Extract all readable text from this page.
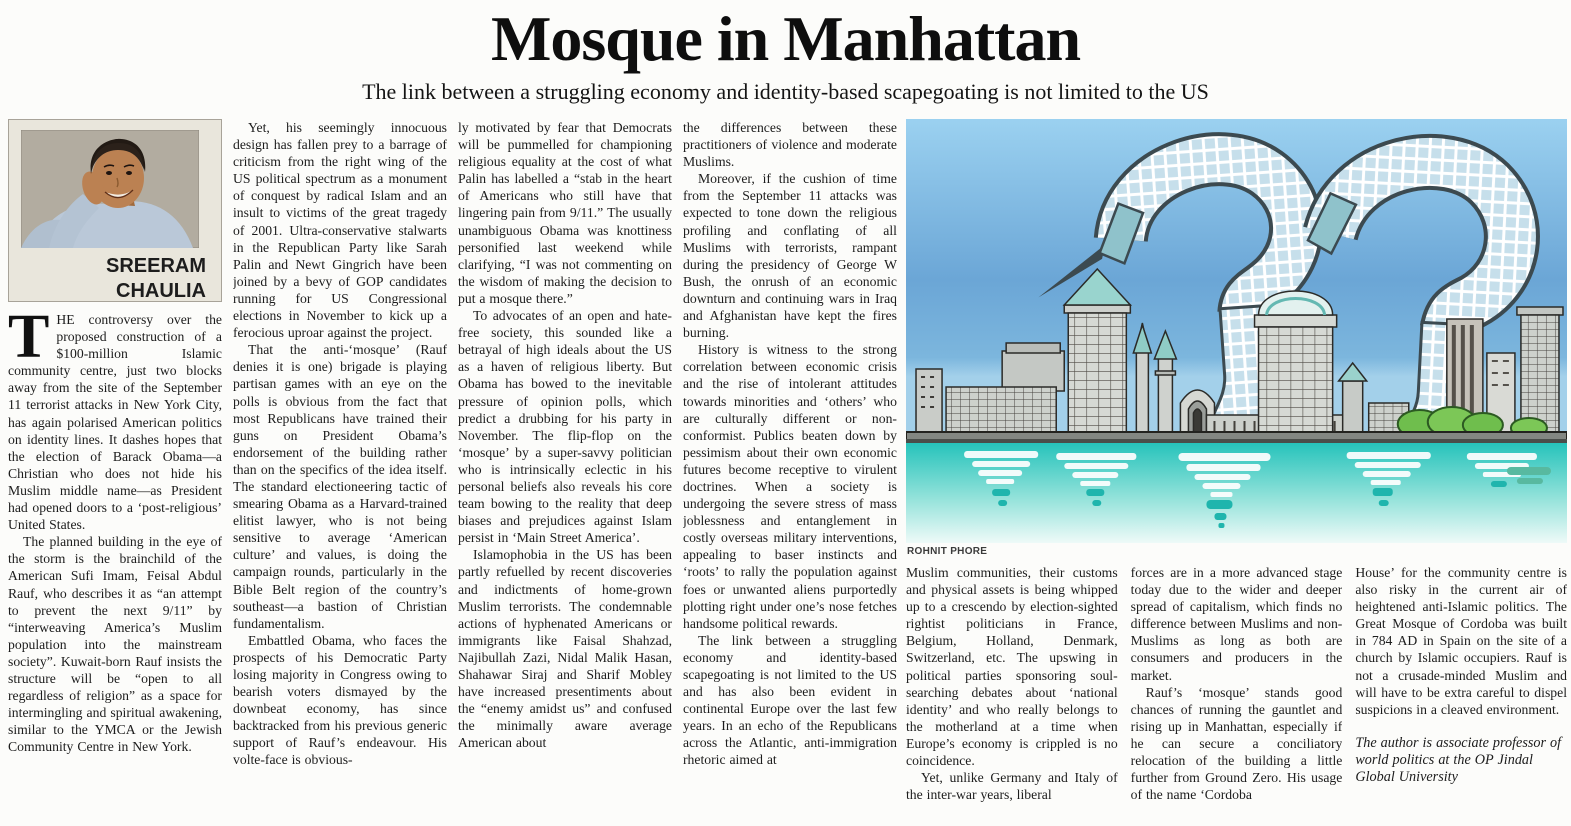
Mosque in Manhattan
The link between a struggling economy and identity-based scapegoating is not limited to the US
SREERAM
CHAULIA

THE controversy over the proposed construction of a $100-million Islamic community centre, just two blocks away from the site of the September 11 terrorist attacks in New York City, has again polarised American politics on identity lines. It dashes hopes that the election of Barack Obama—a Christian who does not hide his Muslim middle name—as President had opened doors to a ‘post-religious’ United States.

The planned building in the eye of the storm is the brainchild of the American Sufi Imam, Feisal Abdul Rauf, who describes it as “an attempt to prevent the next 9/11” by “interweaving America’s Muslim population into the mainstream society”. Kuwait-born Rauf insists the structure will be “open to all regardless of religion” as a space for intermingling and spiritual awakening, similar to the YMCA or the Jewish Community Centre in New York.

Yet, his seemingly innocuous design has fallen prey to a barrage of criticism from the right wing of the US political spectrum as a monument of conquest by radical Islam and an insult to victims of the great tragedy of 2001. Ultra-conservative stalwarts in the Republican Party like Sarah Palin and Newt Gingrich have been joined by a bevy of GOP candidates running for US Congressional elections in November to kick up a ferocious uproar against the project.

That the anti-‘mosque’ (Rauf denies it is one) brigade is playing partisan games with an eye on the polls is obvious from the fact that most Republicans have trained their guns on President Obama’s endorsement of the building rather than on the specifics of the idea itself. The standard electioneering tactic of smearing Obama as a Harvard-trained elitist lawyer, who is not being sensitive to average ‘American culture’ and values, is doing the campaign rounds, particularly in the Bible Belt region of the country’s southeast—a bastion of Christian fundamentalism.

Embattled Obama, who faces the prospects of his Democratic Party losing majority in Congress owing to bearish voters dismayed by the downbeat economy, has since backtracked from his previous generic support of Rauf’s endeavour. His volte-face is obvious-

ly motivated by fear that Democrats will be pummelled for championing religious equality at the cost of what Palin has labelled a “stab in the heart of Americans who still have that lingering pain from 9/11.” The usually unambiguous Obama was knottiness personified last weekend while clarifying, “I was not commenting on the wisdom of making the decision to put a mosque there.”

To advocates of an open and hate-free society, this sounded like a betrayal of high ideals about the US as a haven of religious liberty. But Obama has bowed to the inevitable pressure of opinion polls, which predict a drubbing for his party in November. The flip-flop on the ‘mosque’ by a super-savvy politician who is intrinsically eclectic in his personal beliefs also reveals his core team bowing to the reality that deep biases and prejudices against Islam persist in ‘Main Street America’.

Islamophobia in the US has been partly refuelled by recent discoveries and indictments of home-grown Muslim terrorists. The condemnable actions of hyphenated Americans or immigrants like Faisal Shahzad, Najibullah Zazi, Nidal Malik Hasan, Shahawar Siraj and Sharif Mobley have increased presentiments about the “enemy amidst us” and confused the minimally aware average American about

the differences between these practitioners of violence and moderate Muslims.

Moreover, if the cushion of time from the September 11 attacks was expected to tone down the religious profiling and conflating of all Muslims with terrorists, rampant during the presidency of George W Bush, the onrush of an economic downturn and continuing wars in Iraq and Afghanistan have kept the fires burning.

History is witness to the strong correlation between economic crisis and the rise of intolerant attitudes towards minorities and ‘others’ who are culturally different or non-conformist. Publics beaten down by pessimism about their own economic futures become receptive to virulent doctrines. When a society is undergoing the severe stress of mass joblessness and entanglement in costly overseas military interventions, appealing to baser instincts and ‘roots’ to rally the population against foes or unwanted aliens purportedly plotting right under one’s nose fetches handsome political rewards.

The link between a struggling economy and identity-based scapegoating is not limited to the US and has also been evident in continental Europe over the last few years. In an echo of the Republicans across the Atlantic, anti-immigration rhetoric aimed at

ROHNIT PHORE

Muslim communities, their customs and physical assets is being whipped up to a crescendo by election-sighted rightist politicians in France, Belgium, Holland, Denmark, Switzerland, etc. The upswing in political parties sponsoring soul-searching debates about ‘national identity’ and who really belongs to the motherland at a time when Europe’s economy is crippled is no coincidence.

Yet, unlike Germany and Italy of the inter-war years, liberal

forces are in a more advanced stage today due to the wider and deeper spread of capitalism, which finds no difference between Muslims and non-Muslims as long as both are consumers and producers in the market.

Rauf’s ‘mosque’ stands good chances of running the gauntlet and rising up in Manhattan, especially if he can secure a conciliatory relocation of the building a little further from Ground Zero. His usage of the name ‘Cordoba

House’ for the community centre is also risky in the current air of heightened anti-Islamic politics. The Great Mosque of Cordoba was built in 784 AD in Spain on the site of a church by Islamic occupiers. Rauf is not a crusade-minded Muslim and will have to be extra careful to dispel suspicions in a cleaved environment.

The author is associate professor of world politics at the OP Jindal Global University
